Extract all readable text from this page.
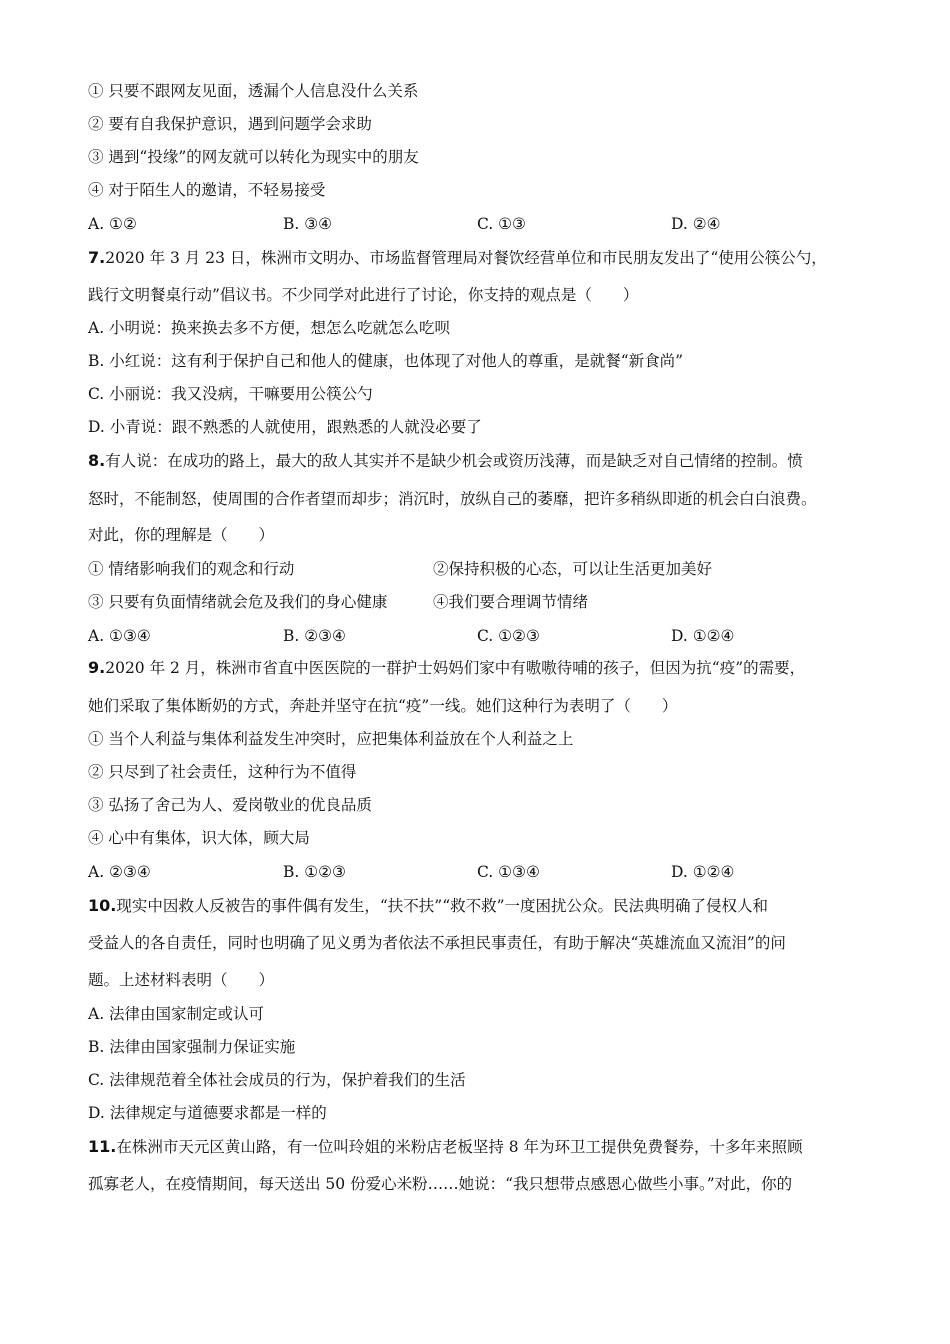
① 只要不跟网友见面，透漏个人信息没什么关系
② 要有自我保护意识，遇到问题学会求助
③ 遇到“投缘”的网友就可以转化为现实中的朋友
④ 对于陌生人的邀请，不轻易接受
A. ①②	B. ③④	C. ①③	D. ②④
7.2020 年 3 月 23 日，株洲市文明办、市场监督管理局对餐饮经营单位和市民朋友发出了“使用公筷公勺，
践行文明餐桌行动”倡议书。不少同学对此进行了讨论，你支持的观点是（　　）
A. 小明说：换来换去多不方便，想怎么吃就怎么吃呗
B. 小红说：这有利于保护自己和他人的健康，也体现了对他人的尊重，是就餐“新食尚”
C. 小丽说：我又没病，干嘛要用公筷公勺
D. 小青说：跟不熟悉的人就使用，跟熟悉的人就没必要了
8.有人说：在成功的路上，最大的敌人其实并不是缺少机会或资历浅薄，而是缺乏对自己情绪的控制。愤
怒时，不能制怒，使周围的合作者望而却步；消沉时，放纵自己的萎靡，把许多稍纵即逝的机会白白浪费。
对此，你的理解是（　　）
① 情绪影响我们的观念和行动	②保持积极的心态，可以让生活更加美好
③ 只要有负面情绪就会危及我们的身心健康	④我们要合理调节情绪
A. ①③④	B. ②③④	C. ①②③	D. ①②④
9.2020 年 2 月，株洲市省直中医医院的一群护士妈妈们家中有嗷嗷待哺的孩子，但因为抗“疫”的需要，
她们采取了集体断奶的方式，奔赴并坚守在抗“疫”一线。她们这种行为表明了（　　）
① 当个人利益与集体利益发生冲突时，应把集体利益放在个人利益之上
② 只尽到了社会责任，这种行为不值得
③ 弘扬了舍己为人、爱岗敬业的优良品质
④ 心中有集体，识大体，顾大局
A. ②③④	B. ①②③	C. ①③④	D. ①②④
10.现实中因救人反被告的事件偶有发生，“扶不扶”“救不救”一度困扰公众。民法典明确了侵权人和
受益人的各自责任，同时也明确了见义勇为者依法不承担民事责任，有助于解决“英雄流血又流泪”的问
题。上述材料表明（　　）
A. 法律由国家制定或认可
B. 法律由国家强制力保证实施
C. 法律规范着全体社会成员的行为，保护着我们的生活
D. 法律规定与道德要求都是一样的
11.在株洲市天元区黄山路，有一位叫玲姐的米粉店老板坚持 8 年为环卫工提供免费餐券，十多年来照顾
孤寡老人，在疫情期间，每天送出 50 份爱心米粉……她说：“我只想带点感恩心做些小事。”对此，你的
